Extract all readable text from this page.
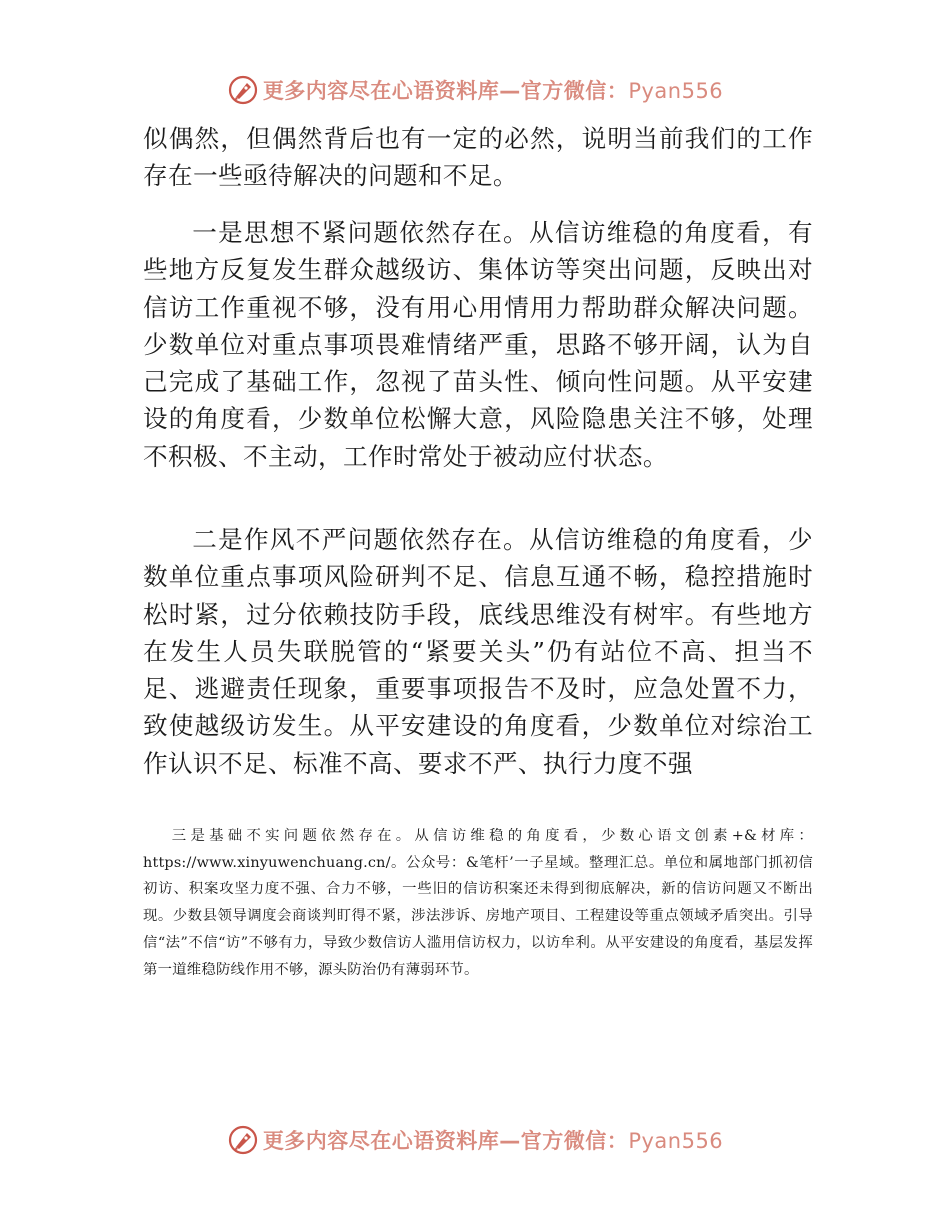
更多内容尽在心语资料库—官方微信：Pyan556

似偶然，但偶然背后也有一定的必然，说明当前我们的工作存在一些亟待解决的问题和不足。

一是思想不紧问题依然存在。从信访维稳的角度看，有些地方反复发生群众越级访、集体访等突出问题，反映出对信访工作重视不够，没有用心用情用力帮助群众解决问题。少数单位对重点事项畏难情绪严重，思路不够开阔，认为自己完成了基础工作，忽视了苗头性、倾向性问题。从平安建设的角度看，少数单位松懈大意，风险隐患关注不够，处理不积极、不主动，工作时常处于被动应付状态。

二是作风不严问题依然存在。从信访维稳的角度看，少数单位重点事项风险研判不足、信息互通不畅，稳控措施时松时紧，过分依赖技防手段，底线思维没有树牢。有些地方在发生人员失联脱管的“紧要关头”仍有站位不高、担当不足、逃避责任现象，重要事项报告不及时，应急处置不力，致使越级访发生。从平安建设的角度看，少数单位对综治工作认识不足、标准不高、要求不严、执行力度不强

三是基础不实问题依然存在。从信访维稳的角度看，少数心语文创素+&材库：https://www.xinyuwenchuang.cn/。公众号：&笔杆’一子星域。整理汇总。单位和属地部门抓初信初访、积案攻坚力度不强、合力不够，一些旧的信访积案还未得到彻底解决，新的信访问题又不断出现。少数县领导调度会商谈判盯得不紧，涉法涉诉、房地产项目、工程建设等重点领域矛盾突出。引导信“法”不信“访”不够有力，导致少数信访人滥用信访权力，以访牟利。从平安建设的角度看，基层发挥第一道维稳防线作用不够，源头防治仍有薄弱环节。

更多内容尽在心语资料库—官方微信：Pyan556
